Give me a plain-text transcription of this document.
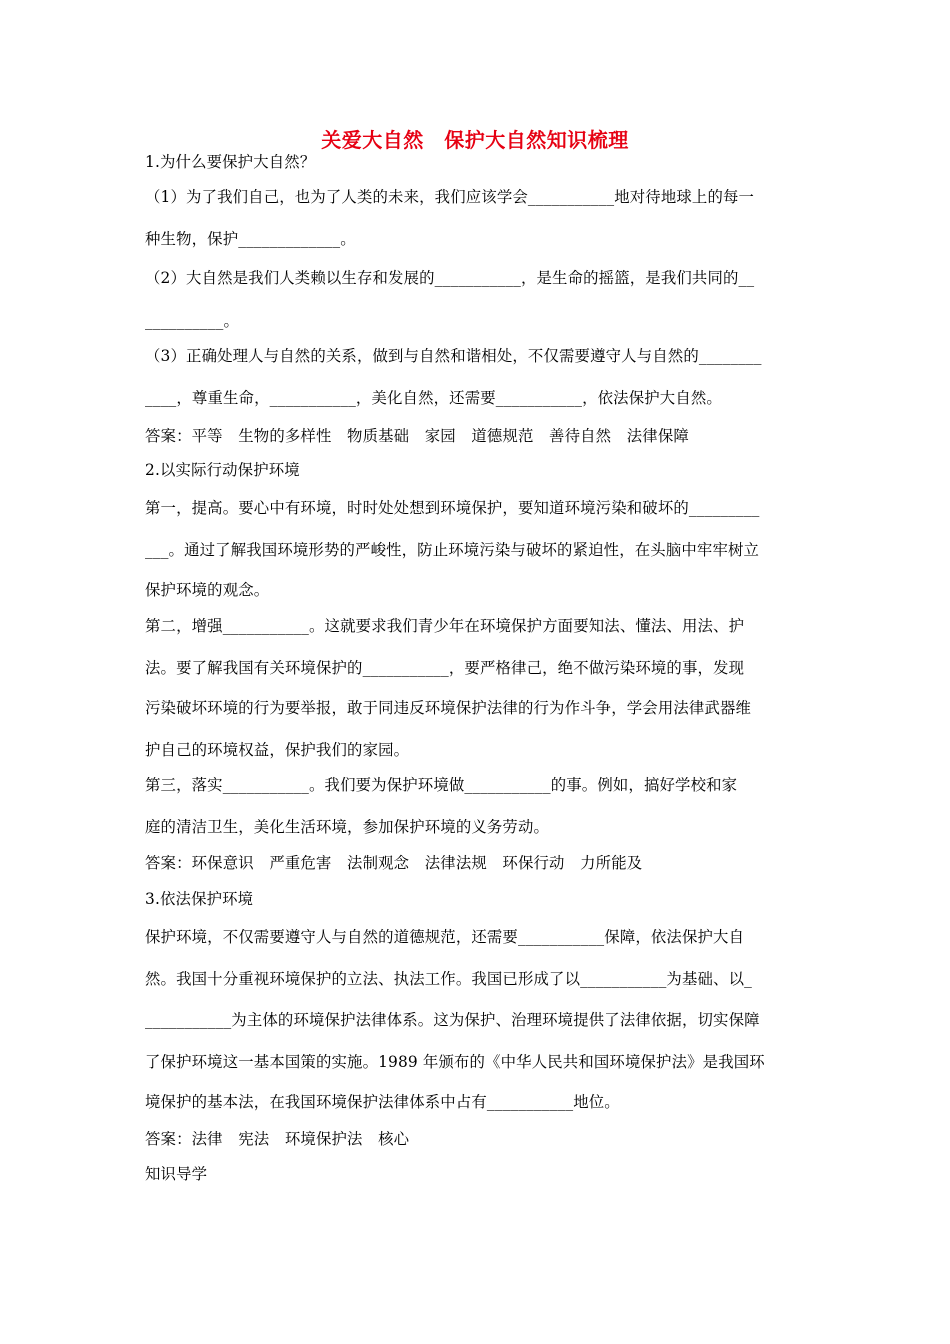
关爱大自然　保护大自然知识梳理
1.为什么要保护大自然？
（1）为了我们自己，也为了人类的未来，我们应该学会___________地对待地球上的每一
种生物，保护_____________。
（2）大自然是我们人类赖以生存和发展的___________，是生命的摇篮，是我们共同的__
__________。
（3）正确处理人与自然的关系，做到与自然和谐相处，不仅需要遵守人与自然的________
____，尊重生命，___________，美化自然，还需要___________，依法保护大自然。
答案：平等　生物的多样性　物质基础　家园　道德规范　善待自然　法律保障
2.以实际行动保护环境
第一，提高。要心中有环境，时时处处想到环境保护，要知道环境污染和破坏的_________
___。通过了解我国环境形势的严峻性，防止环境污染与破坏的紧迫性，在头脑中牢牢树立
保护环境的观念。
第二，增强___________。这就要求我们青少年在环境保护方面要知法、懂法、用法、护
法。要了解我国有关环境保护的___________，要严格律己，绝不做污染环境的事，发现
污染破坏环境的行为要举报，敢于同违反环境保护法律的行为作斗争，学会用法律武器维
护自己的环境权益，保护我们的家园。
第三，落实___________。我们要为保护环境做___________的事。例如，搞好学校和家
庭的清洁卫生，美化生活环境，参加保护环境的义务劳动。
答案：环保意识　严重危害　法制观念　法律法规　环保行动　力所能及
3.依法保护环境
保护环境，不仅需要遵守人与自然的道德规范，还需要___________保障，依法保护大自
然。我国十分重视环境保护的立法、执法工作。我国已形成了以___________为基础、以_
___________为主体的环境保护法律体系。这为保护、治理环境提供了法律依据，切实保障
了保护环境这一基本国策的实施。1989 年颁布的《中华人民共和国环境保护法》是我国环
境保护的基本法，在我国环境保护法律体系中占有___________地位。
答案：法律　宪法　环境保护法　核心
知识导学
